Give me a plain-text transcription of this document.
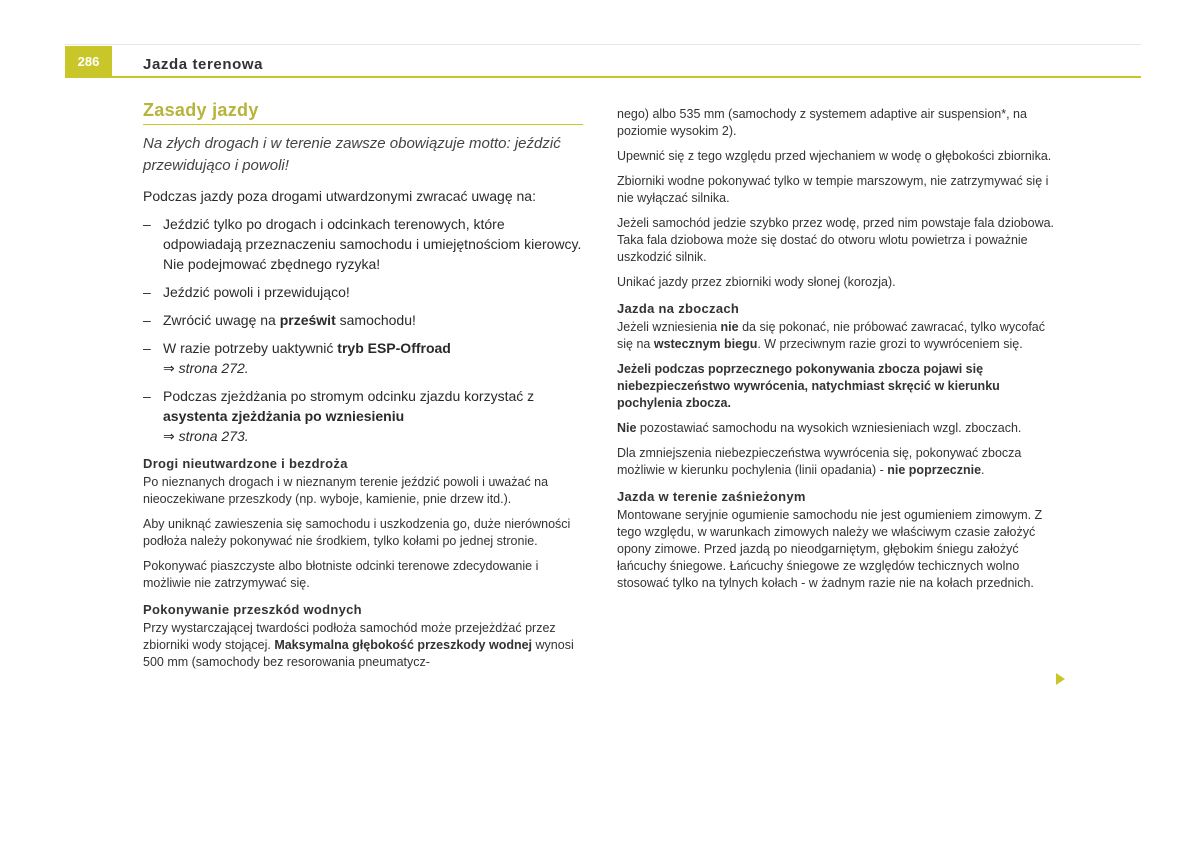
286	Jazda terenowa
Zasady jazdy

Na złych drogach i w terenie zawsze obowiązuje motto: jeździć przewidująco i powoli!

Podczas jazdy poza drogami utwardzonymi zwracać uwagę na:

– Jeździć tylko po drogach i odcinkach terenowych, które odpowiadają przeznaczeniu samochodu i umiejętnościom kierowcy. Nie podejmować zbędnego ryzyka!
– Jeździć powoli i przewidująco!
– Zwrócić uwagę na prześwit samochodu!
– W razie potrzeby uaktywnić tryb ESP-Offroad
⇒ strona 272.
– Podczas zjeżdżania po stromym odcinku zjazdu korzystać z asystenta zjeżdżania po wzniesieniu
⇒ strona 273.
Drogi nieutwardzone i bezdroża

Po nieznanych drogach i w nieznanym terenie jeździć powoli i uważać na nieoczekiwane przeszkody (np. wyboje, kamienie, pnie drzew itd.).

Aby uniknąć zawieszenia się samochodu i uszkodzenia go, duże nierówności podłoża należy pokonywać nie środkiem, tylko kołami po jednej stronie.

Pokonywać piaszczyste albo błotniste odcinki terenowe zdecydowanie i możliwie nie zatrzymywać się.

Pokonywanie przeszkód wodnych

Przy wystarczającej twardości podłoża samochód może przejeżdżać przez zbiorniki wody stojącej. Maksymalna głębokość przeszkody wodnej wynosi 500 mm (samochody bez resorowania pneumatycz-

nego) albo 535 mm (samochody z systemem adaptive air suspension*, na poziomie wysokim 2).

Upewnić się z tego względu przed wjechaniem w wodę o głębokości zbiornika.

Zbiorniki wodne pokonywać tylko w tempie marszowym, nie zatrzymywać się i nie wyłączać silnika.

Jeżeli samochód jedzie szybko przez wodę, przed nim powstaje fala dziobowa. Taka fala dziobowa może się dostać do otworu wlotu powietrza i poważnie uszkodzić silnik.

Unikać jazdy przez zbiorniki wody słonej (korozja).

Jazda na zboczach

Jeżeli wzniesienia nie da się pokonać, nie próbować zawracać, tylko wycofać się na wstecznym biegu. W przeciwnym razie grozi to wywróceniem się.

Jeżeli podczas poprzecznego pokonywania zbocza pojawi się niebezpieczeństwo wywrócenia, natychmiast skręcić w kierunku pochylenia zbocza.

Nie pozostawiać samochodu na wysokich wzniesieniach wzgl. zboczach.

Dla zmniejszenia niebezpieczeństwa wywrócenia się, pokonywać zbocza możliwie w kierunku pochylenia (linii opadania) - nie poprzecznie.

Jazda w terenie zaśnieżonym

Montowane seryjnie ogumienie samochodu nie jest ogumieniem zimowym. Z tego względu, w warunkach zimowych należy we właściwym czasie założyć opony zimowe. Przed jazdą po nieodgarniętym, głębokim śniegu założyć łańcuchy śniegowe. Łańcuchy śniegowe ze względów techicznych wolno stosować tylko na tylnych kołach - w żadnym razie nie na kołach przednich.
